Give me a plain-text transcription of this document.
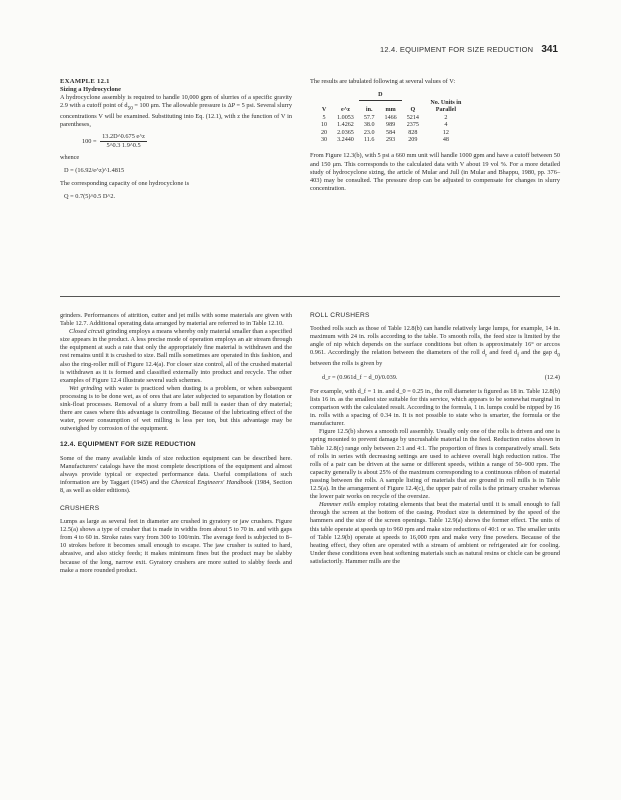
12.4. EQUIPMENT FOR SIZE REDUCTION 341
EXAMPLE 12.1
Sizing a Hydrocyclone

A hydrocyclone assembly is required to handle 10,000 gpm of slurries of a specific gravity 2.9 with a cutoff point of $d_{50} = 100$ μm. The allowable pressure is ΔP = 5 psi. Several slurry concentrations V will be examined. Substituting into Eq. (12.1), with z the function of V in parentheses,

$100 = \frac{13.2D\^{}0.675 e\^{}z}{5\^{}0.3 1.9\^{}0.5}$

whence

D = (16.92/e^z)^1.4815

The corresponding capacity of one hydrocyclone is

Q = 0.7(5)^0.5 D^2.

The results are tabulated following at several values of V:

		D			
V	e^z	in.	mm	Q	No. Units in Parallel
5	1.0053	57.7	1466	5214	2
10	1.4262	38.0	989	2375	4
20	2.0365	23.0	584	828	12
30	3.2440	11.6	293	209	48

From Figure 12.3(b), with 5 psi a 660 mm unit will handle 1000 gpm and have a cutoff between 50 and 150 μm. This corresponds to the calculated data with V about 19 vol %. For a more detailed study of hydrocyclone sizing, the article of Mular and Jull (in Mular and Bhappu, 1980, pp. 376–403) may be consulted. The pressure drop can be adjusted to compensate for changes in slurry concentration.

grinders. Performances of attrition, cutter and jet mills with some materials are given with Table 12.7. Additional operating data arranged by material are referred to in Table 12.10.

Closed circuit grinding employs a means whereby only material smaller than a specified size appears in the product. A less precise mode of operation employs an air stream through the equipment at such a rate that only the appropriately fine material is withdrawn and the rest remains until it is crushed to size. Ball mills sometimes are operated in this fashion, and also the ring-roller mill of Figure 12.4(a). For closer size control, all of the crushed material is withdrawn as it is formed and classified externally into product and recycle. The other examples of Figure 12.4 illustrate several such schemes.

Wet grinding with water is practiced when dusting is a problem, or when subsequent processing is to be done wet, as of ores that are later subjected to separation by flotation or sink-float processes. Removal of a slurry from a ball mill is easier than of dry material; there are cases where this advantage is controlling. Because of the lubricating effect of the water, power consumption of wet milling is less per ton, but this advantage may be outweighed by corrosion of the equipment.

12.4. EQUIPMENT FOR SIZE REDUCTION

Some of the many available kinds of size reduction equipment can be described here. Manufacturers' catalogs have the most complete descriptions of the equipment and almost always provide typical or expected performance data. Useful compilations of such information are by Taggart (1945) and the Chemical Engineers' Handbook (1984, Section 8, as well as older editions).

CRUSHERS

Lumps as large as several feet in diameter are crushed in gyratory or jaw crushers. Figure 12.5(a) shows a type of crusher that is made in widths from about 5 to 70 in. and with gaps from 4 to 60 in. Stroke rates vary from 300 to 100/min. The average feed is subjected to 8–10 strokes before it becomes small enough to escape. The jaw crusher is suited to hard, abrasive, and also sticky feeds; it makes minimum fines but the product may be slabby because of the long, narrow exit. Gyratory crushers are more suited to slabby feeds and make a more rounded product.

ROLL CRUSHERS

Toothed rolls such as those of Table 12.8(b) can handle relatively large lumps, for example, 14 in. maximum with 24 in. rolls according to the table. To smooth rolls, the feed size is limited by the angle of nip which depends on the surface conditions but often is approximately 16° or arccos 0.961. Accordingly the relation between the diameters of the roll $d_r$ and feed $d_f$ and the gap $d_0$ between the rolls is given by

d_r = (0.961d_f − d_0)/0.039.	(12.4)

For example, with d_f = 1 in. and d_0 = 0.25 in., the roll diameter is figured as 18 in. Table 12.8(b) lists 16 in. as the smallest size suitable for this service, which appears to be somewhat marginal in comparison with the calculated result. According to the formula, 1 in. lumps could be nipped by 16 in. rolls with a spacing of 0.34 in. It is not possible to state who is smarter, the formula or the manufacturer.

Figure 12.5(b) shows a smooth roll assembly. Usually only one of the rolls is driven and one is spring mounted to prevent damage by uncrushable material in the feed. Reduction ratios shown in Table 12.8(c) range only between 2:1 and 4:1. The proportion of fines is comparatively small. Sets of rolls in series with decreasing settings are used to achieve overall high reduction ratios. The rolls of a pair can be driven at the same or different speeds, within a range of 50–900 rpm. The capacity generally is about 25% of the maximum corresponding to a continuous ribbon of material passing between the rolls. A sample listing of materials that are ground in roll mills is in Table 12.5(a). In the arrangement of Figure 12.4(c), the upper pair of rolls is the primary crusher whereas the lower pair works on recycle of the oversize.

Hammer mills employ rotating elements that beat the material until it is small enough to fall through the screen at the bottom of the casing. Product size is determined by the speed of the hammers and the size of the screen openings. Table 12.9(a) shows the former effect. The units of this table operate at speeds up to 960 rpm and make size reductions of 40:1 or so. The smaller units of Table 12.9(b) operate at speeds to 16,000 rpm and make very fine powders. Because of the heating effect, they often are operated with a stream of ambient or refrigerated air for cooling. Under these conditions even heat softening materials such as natural resins or chicle can be ground satisfactorily. Hammer mills are the
